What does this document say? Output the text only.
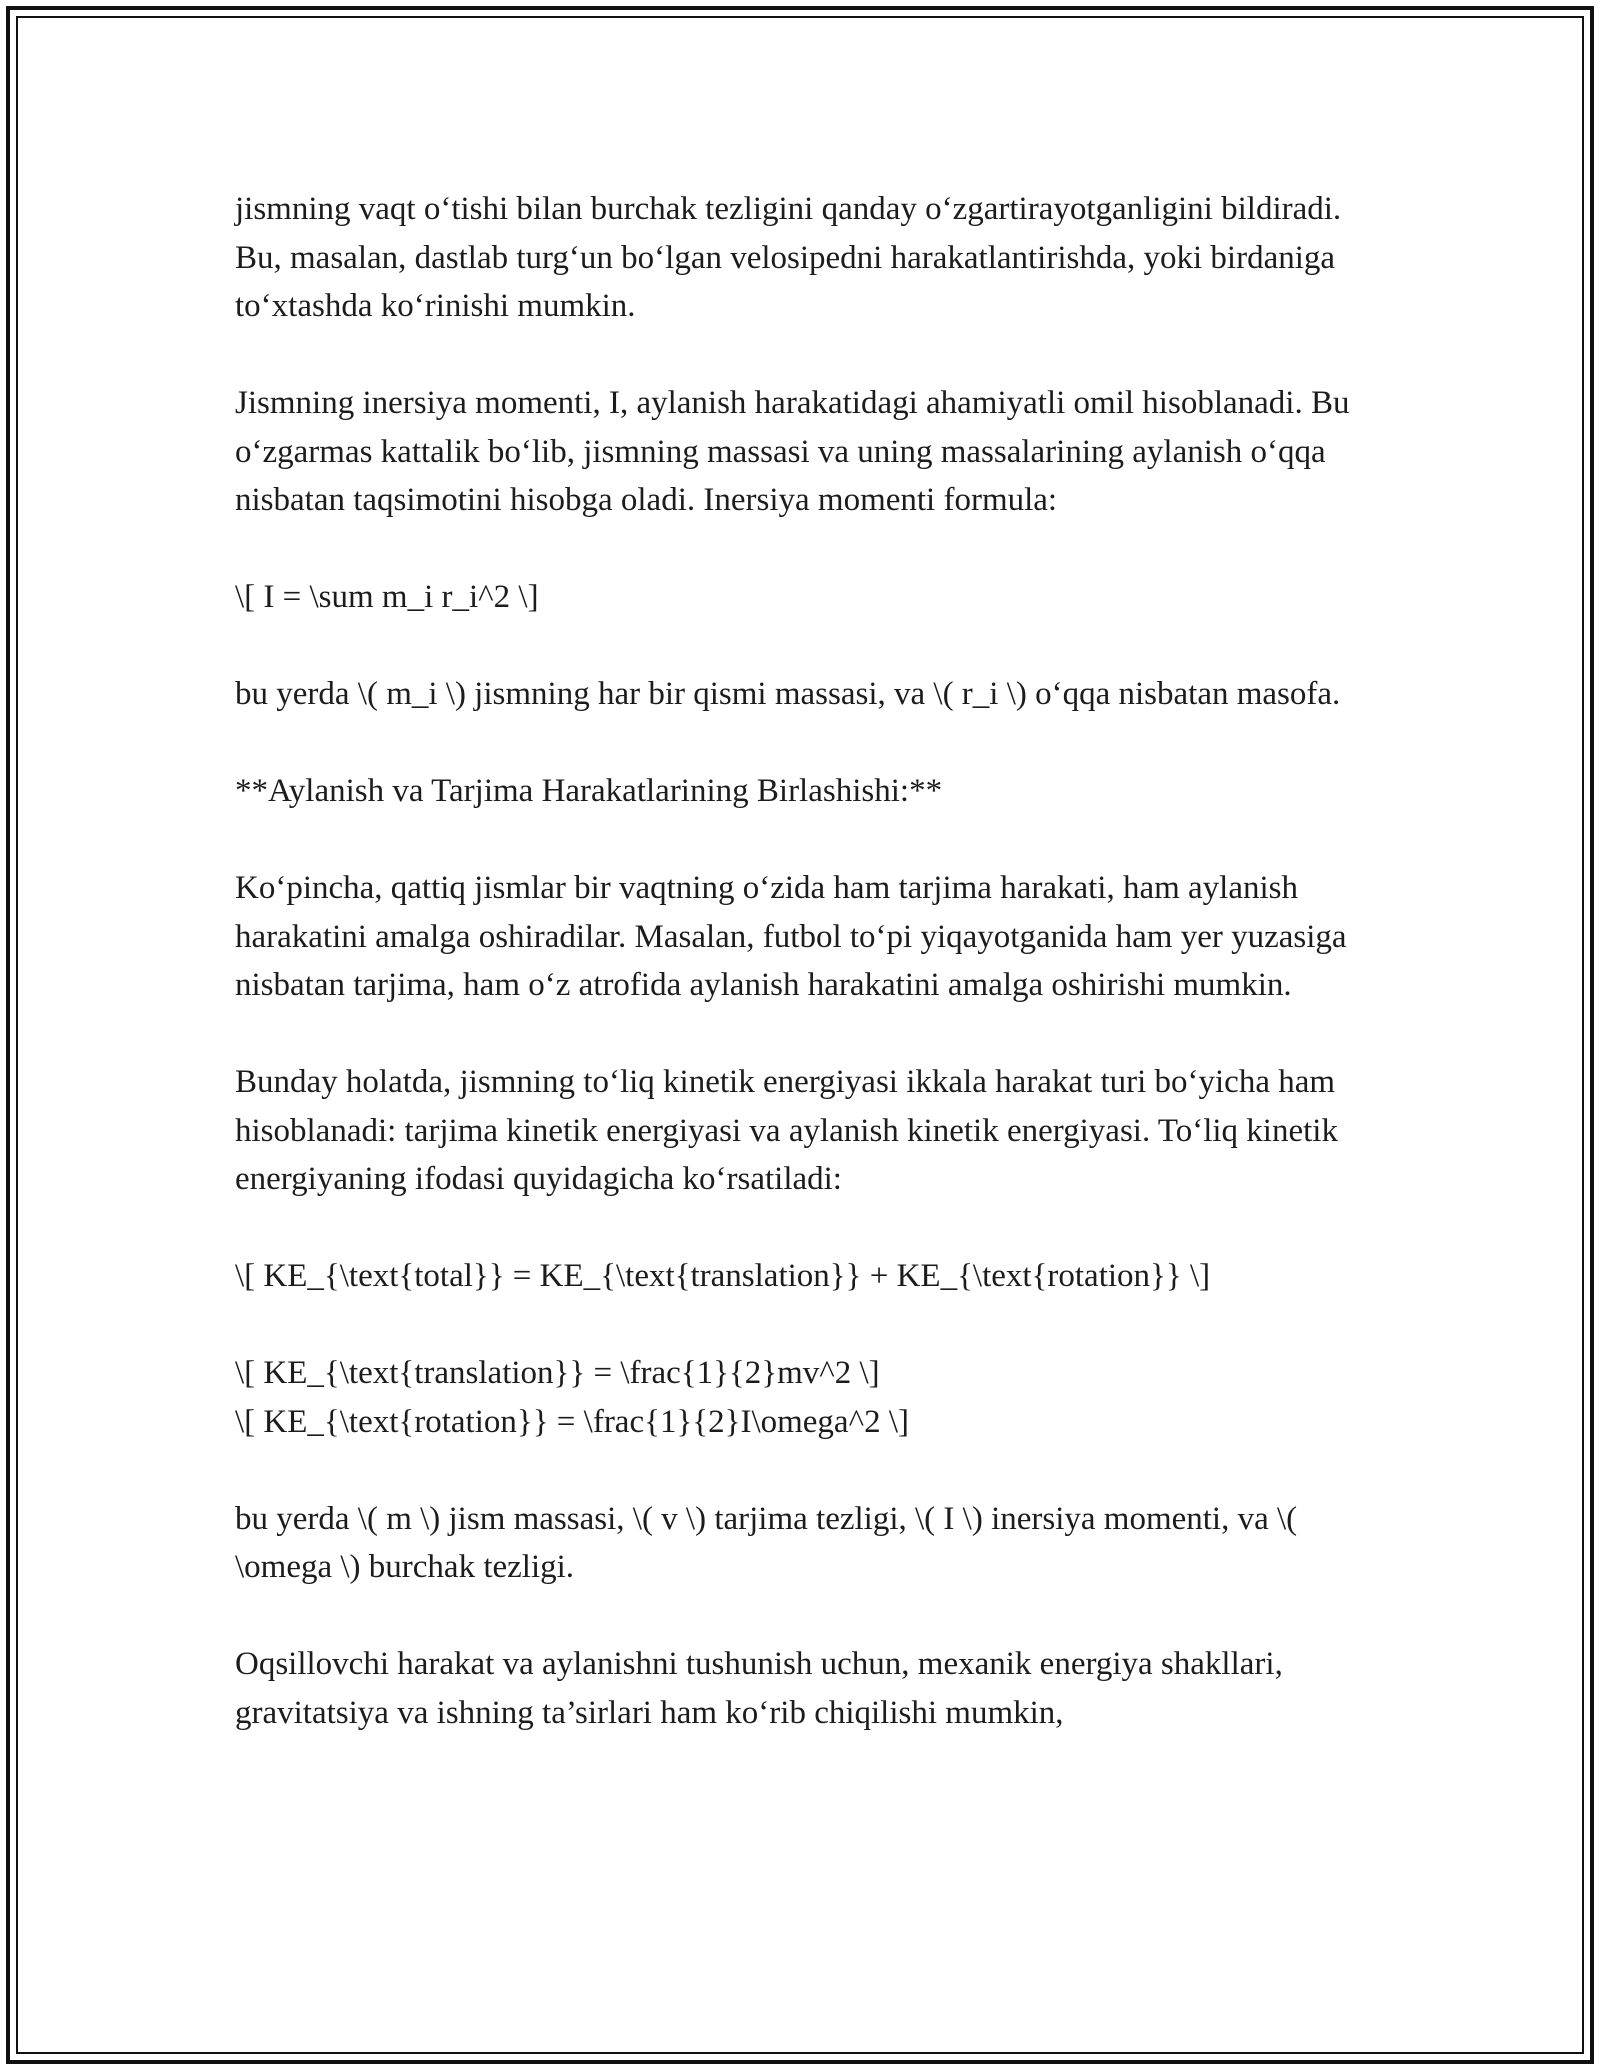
jismning vaqt o‘tishi bilan burchak tezligini qanday o‘zgartirayotganligini bildiradi. Bu, masalan, dastlab turg‘un bo‘lgan velosipedni harakatlantirishda, yoki birdaniga to‘xtashda ko‘rinishi mumkin.

Jismning inersiya momenti, I, aylanish harakatidagi ahamiyatli omil hisoblanadi. Bu o‘zgarmas kattalik bo‘lib, jismning massasi va uning massalarining aylanish o‘qqa nisbatan taqsimotini hisobga oladi. Inersiya momenti formula:

\[ I = \sum m_i r_i^2 \]

bu yerda \( m_i \) jismning har bir qismi massasi, va \( r_i \) o‘qqa nisbatan masofa.

**Aylanish va Tarjima Harakatlarining Birlashishi:**

Ko‘pincha, qattiq jismlar bir vaqtning o‘zida ham tarjima harakati, ham aylanish harakatini amalga oshiradilar. Masalan, futbol to‘pi yiqayotganida ham yer yuzasiga nisbatan tarjima, ham o‘z atrofida aylanish harakatini amalga oshirishi mumkin.

Bunday holatda, jismning to‘liq kinetik energiyasi ikkala harakat turi bo‘yicha ham hisoblanadi: tarjima kinetik energiyasi va aylanish kinetik energiyasi. To‘liq kinetik energiyaning ifodasi quyidagicha ko‘rsatiladi:

\[ KE_{\text{total}} = KE_{\text{translation}} + KE_{\text{rotation}} \]

\[ KE_{\text{translation}} = \frac{1}{2}mv^2 \]
\[ KE_{\text{rotation}} = \frac{1}{2}I\omega^2 \]

bu yerda \( m \) jism massasi, \( v \) tarjima tezligi, \( I \) inersiya momenti, va \( \omega \) burchak tezligi.

Oqsillovchi harakat va aylanishni tushunish uchun, mexanik energiya shakllari, gravitatsiya va ishning ta’sirlari ham ko‘rib chiqilishi mumkin,
